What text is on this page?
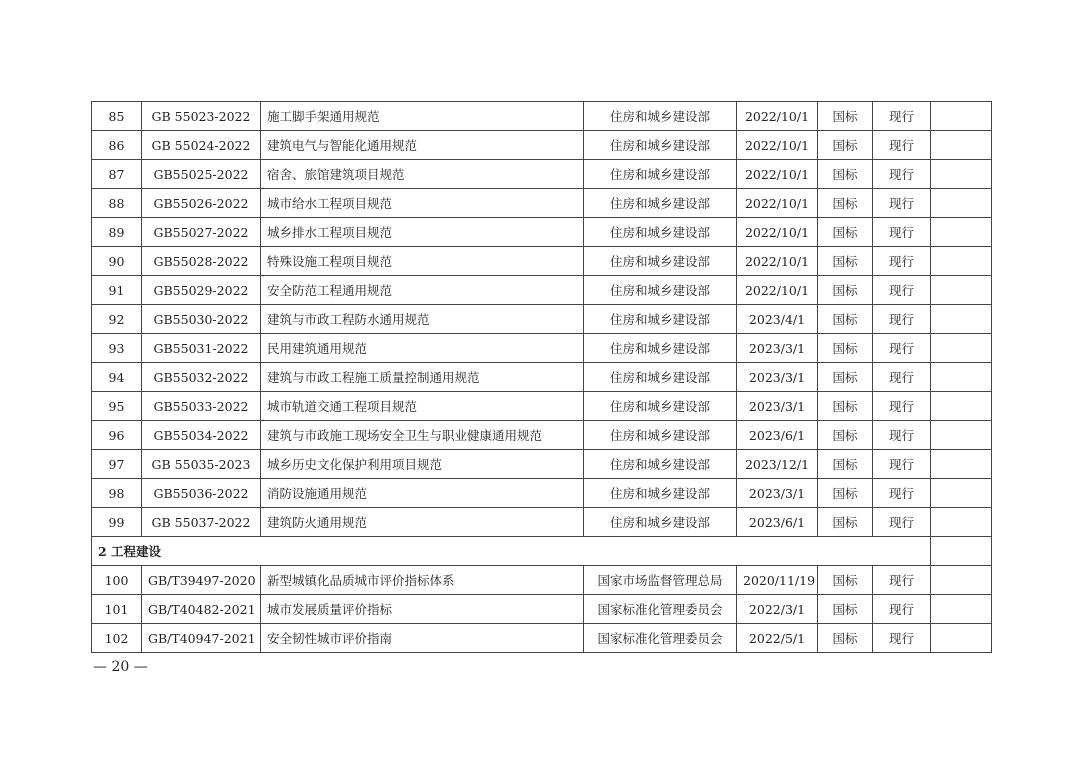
85	GB 55023-2022	施工脚手架通用规范	住房和城乡建设部	2022/10/1	国标	现行	
86	GB 55024-2022	建筑电气与智能化通用规范	住房和城乡建设部	2022/10/1	国标	现行	
87	GB55025-2022	宿舍、旅馆建筑项目规范	住房和城乡建设部	2022/10/1	国标	现行	
88	GB55026-2022	城市给水工程项目规范	住房和城乡建设部	2022/10/1	国标	现行	
89	GB55027-2022	城乡排水工程项目规范	住房和城乡建设部	2022/10/1	国标	现行	
90	GB55028-2022	特殊设施工程项目规范	住房和城乡建设部	2022/10/1	国标	现行	
91	GB55029-2022	安全防范工程通用规范	住房和城乡建设部	2022/10/1	国标	现行	
92	GB55030-2022	建筑与市政工程防水通用规范	住房和城乡建设部	2023/4/1	国标	现行	
93	GB55031-2022	民用建筑通用规范	住房和城乡建设部	2023/3/1	国标	现行	
94	GB55032-2022	建筑与市政工程施工质量控制通用规范	住房和城乡建设部	2023/3/1	国标	现行	
95	GB55033-2022	城市轨道交通工程项目规范	住房和城乡建设部	2023/3/1	国标	现行	
96	GB55034-2022	建筑与市政施工现场安全卫生与职业健康通用规范	住房和城乡建设部	2023/6/1	国标	现行	
97	GB 55035-2023	城乡历史文化保护利用项目规范	住房和城乡建设部	2023/12/1	国标	现行	
98	GB55036-2022	消防设施通用规范	住房和城乡建设部	2023/3/1	国标	现行	
99	GB 55037-2022	建筑防火通用规范	住房和城乡建设部	2023/6/1	国标	现行	
2 工程建设							
100	GB/T39497-2020	新型城镇化品质城市评价指标体系	国家市场监督管理总局	2020/11/19	国标	现行	
101	GB/T40482-2021	城市发展质量评价指标	国家标准化管理委员会	2022/3/1	国标	现行	
102	GB/T40947-2021	安全韧性城市评价指南	国家标准化管理委员会	2022/5/1	国标	现行	
— 20 —
